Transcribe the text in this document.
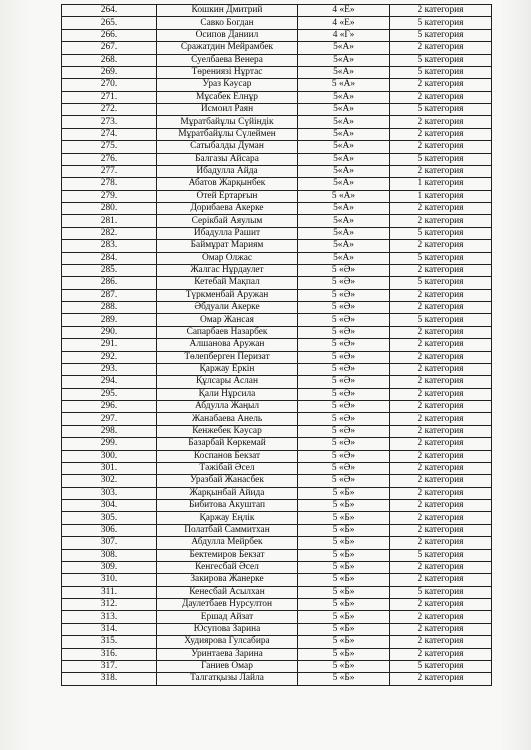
264.	Кошкин Дмитрий	4 «Е»	2 категория
265.	Савко Богдан	4 «Е»	5 категория
266.	Осипов Даниил	4 «Г»	5 категория
267.	Сражатдин Мейрамбек	5«А»	2 категория
268.	Суелбаева Венера	5«А»	5 категория
269.	Төрениязі Нұртас	5«А»	5 категория
270.	Ураз Кәусар	5 «А»	2 категория
271.	Мұсабек Елнұр	5«А»	2 категория
272.	Исмоил Раян	5«А»	5 категория
273.	Мұратбайұлы Сүйіндік	5«А»	2 категория
274.	Мұратбайұлы Сүлеймен	5«А»	2 категория
275.	Сатыбалды Думан	5«А»	2 категория
276.	Балгазы Айсара	5«А»	5 категория
277.	Ибадулла Айда	5«А»	2 категория
278.	Абатов Жарқынбек	5«А»	1 категория
279.	Отей Ертарғын	5 «А»	1 категория
280.	Дорибаева Акерке	5«А»	2 категория
281.	Серікбай Аяулым	5«А»	2 категория
282.	Ибадулла Рашит	5«А»	5 категория
283.	Баймұрат Мариям	5«А»	2 категория
284.	Омар Олжас	5«А»	5 категория
285.	Жалгас Нұрдаулет	5 «Ә»	2 категория
286.	Кетебай Мақпал	5 «Ә»	5 категория
287.	Түркменбай Аружан	5 «Ә»	2 категория
288.	Әбдуали Акерке	5 «Ә»	2 категория
289.	Омар Жансая	5 «Ә»	5 категория
290.	Сапарбаев Назарбек	5 «Ә»	2 категория
291.	Алшанова Аружан	5 «Ә»	2 категория
292.	Төлепберген Перизат	5 «Ә»	2 категория
293.	Қаржау Еркін	5 «Ә»	2 категория
294.	Құлсары Аслан	5 «Ә»	2 категория
295.	Қали Нұрсила	5 «Ә»	2 категория
296.	Абдулла Жаңыл	5 «Ә»	2 категория
297.	Жанабаева Анель	5 «Ә»	2 категория
298.	Кенжебек Кәусар	5 «Ә»	2 категория
299.	Базарбай Көркемай	5 «Ә»	2 категория
300.	Коспанов Бекзат	5 «Ә»	2 категория
301.	Тәжібай Әсел	5 «Ә»	2 категория
302.	Уразбай Жанасбек	5 «Ә»	2 категория
303.	Жарқынбай Айида	5 «Б»	2 категория
304.	Бибитова Акуштап	5 «Б»	2 категория
305.	Қаржау Еңлік	5 «Б»	2 категория
306.	Полатбай Саммитхан	5 «Б»	2 категория
307.	Абдулла Мейрбек	5 «Б»	2 категория
308.	Бектемиров Бекзат	5 «Б»	5 категория
309.	Кенгесбай Әсел	5 «Б»	2 категория
310.	Закирова Жанерке	5 «Б»	2 категория
311.	Кенесбай Асылхан	5 «Б»	5 категория
312.	Даулетбаев Нурсултон	5 «Б»	2 категория
313.	Ершад Айзат	5 «Б»	2 категория
314.	Юсупова Зарина	5 «Б»	2 категория
315.	Худиярова Гулсабира	5 «Б»	2 категория
316.	Уринтаева Зарина	5 «Б»	2 категория
317.	Ганиев Омар	5 «Б»	5 категория
318.	Талгатқызы Лайла	5 «Б»	2 категория
